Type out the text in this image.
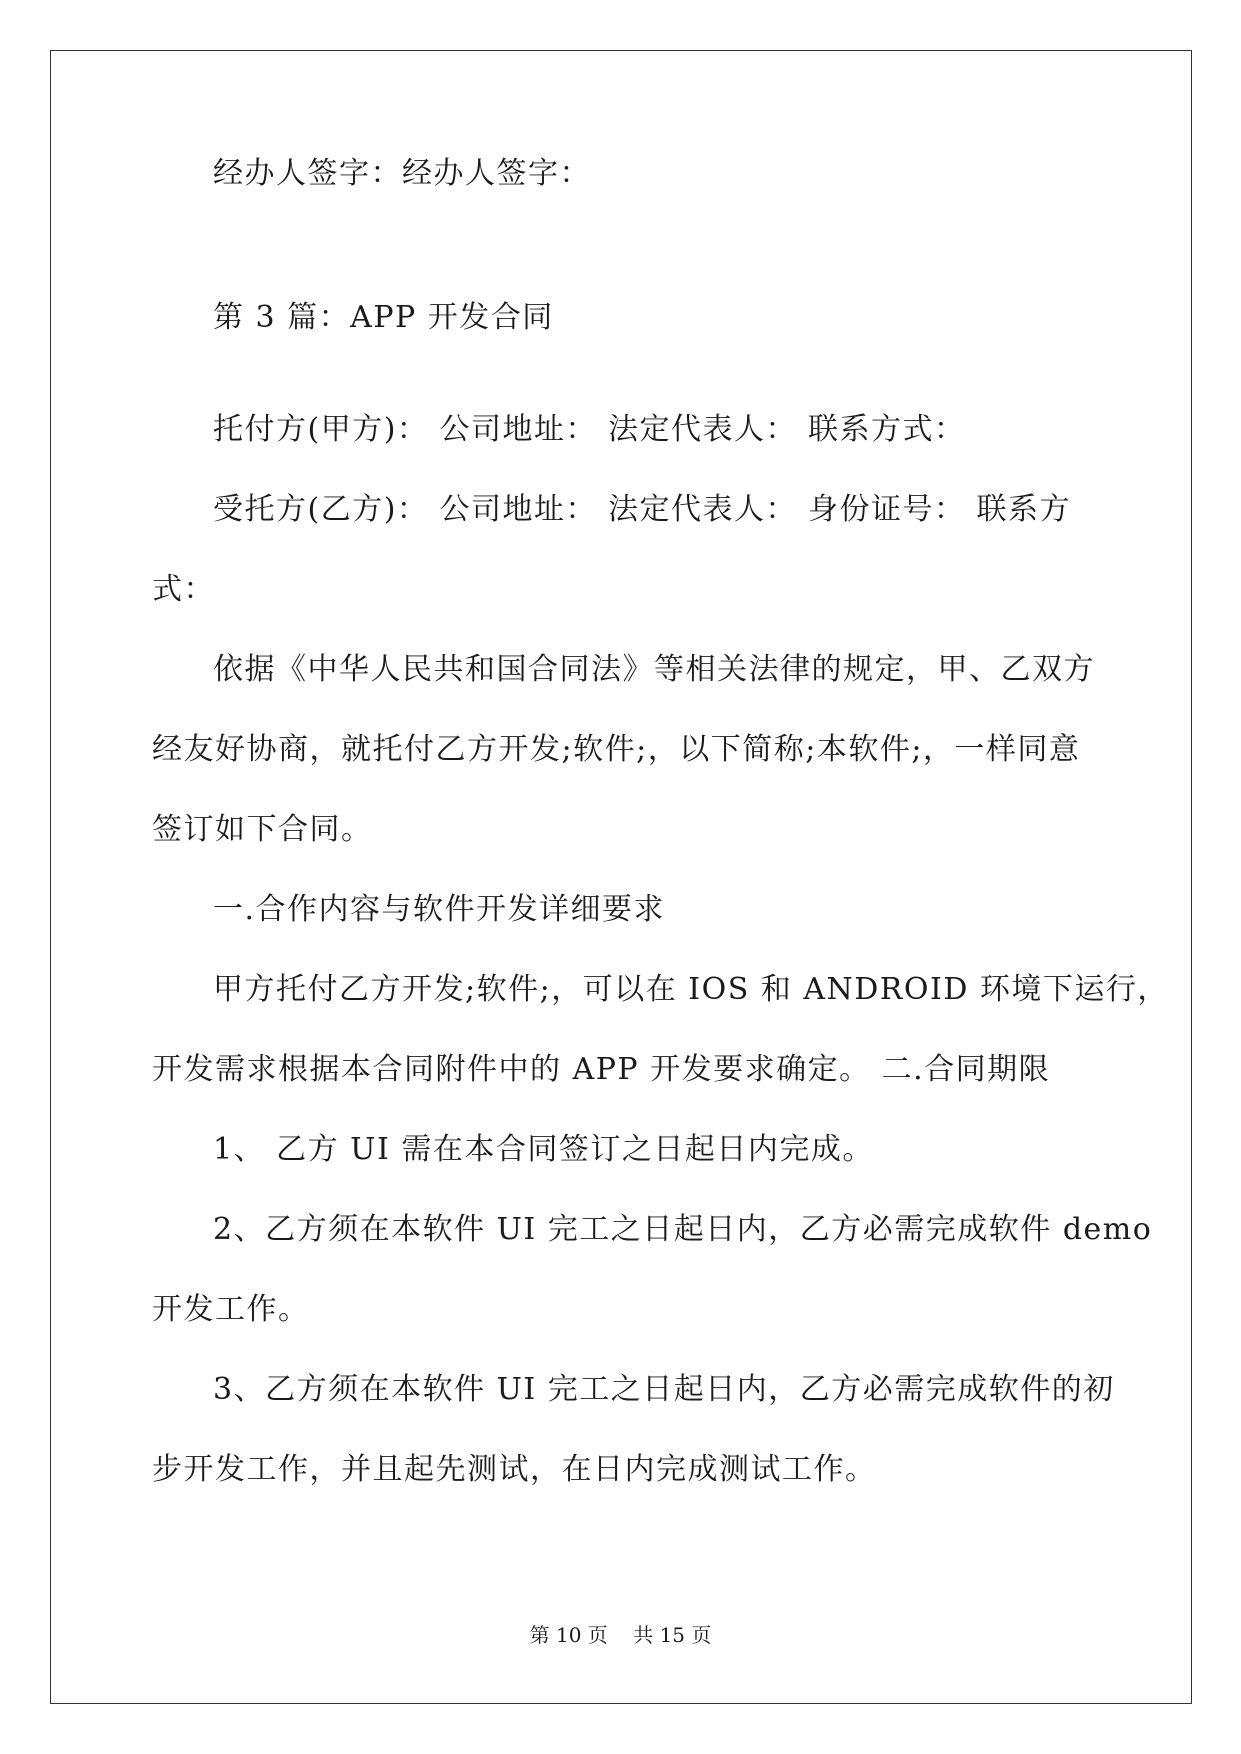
经办人签字：经办人签字：
第 3 篇：APP 开发合同
托付方(甲方)： 公司地址： 法定代表人： 联系方式：
受托方(乙方)： 公司地址： 法定代表人： 身份证号： 联系方
式：
依据《中华人民共和国合同法》等相关法律的规定，甲、乙双方
经友好协商，就托付乙方开发;软件;，以下简称;本软件;，一样同意
签订如下合同。
一.合作内容与软件开发详细要求
甲方托付乙方开发;软件;，可以在 IOS 和 ANDROID 环境下运行，
开发需求根据本合同附件中的 APP 开发要求确定。 二.合同期限
1、 乙方 UI 需在本合同签订之日起日内完成。
2、乙方须在本软件 UI 完工之日起日内，乙方必需完成软件 demo
开发工作。
3、乙方须在本软件 UI 完工之日起日内，乙方必需完成软件的初
步开发工作，并且起先测试，在日内完成测试工作。
第 10 页 共 15 页
